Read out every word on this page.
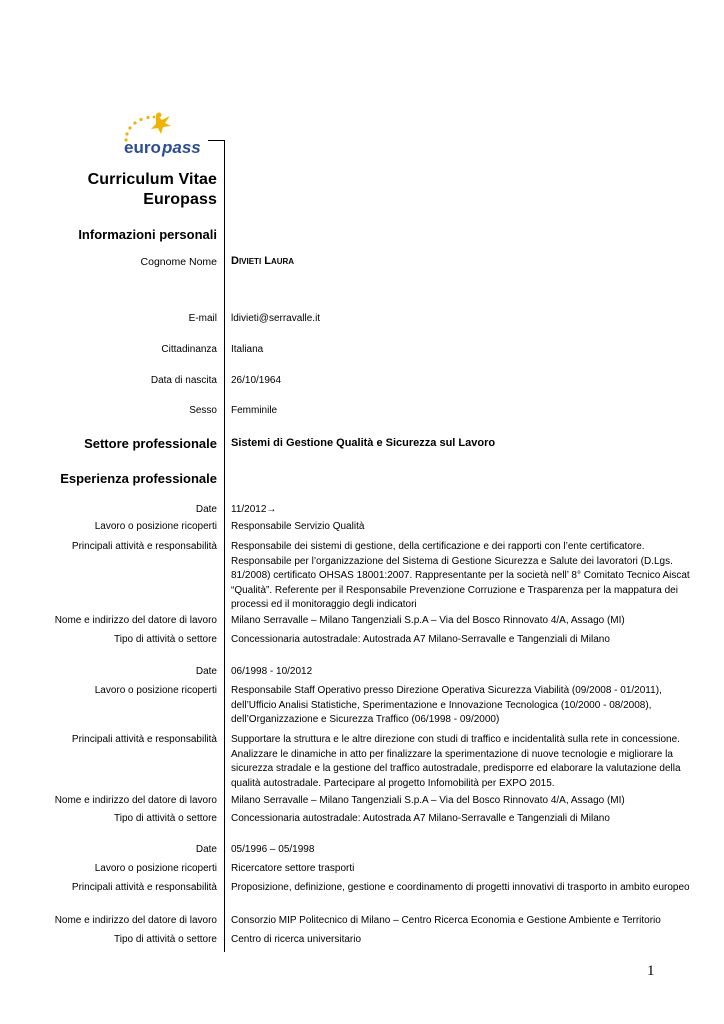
euro pass
Curriculum Vitae
Europass
Informazioni personali
Cognome Nome Divieti Laura
E-mail ldivieti@serravalle.it
Cittadinanza Italiana
Data di nascita 26/10/1964
Sesso Femminile
Settore professionale Sistemi di Gestione Qualità e Sicurezza sul Lavoro
Esperienza professionale
Date 11/2012→
Lavoro o posizione ricoperti Responsabile Servizio Qualità
Principali attività e responsabilità Responsabile dei sistemi di gestione, della certificazione e dei rapporti con l’ente certificatore. Responsabile per l’organizzazione del Sistema di Gestione Sicurezza e Salute dei lavoratori (D.Lgs. 81/2008) certificato OHSAS 18001:2007. Rappresentante per la società nell’ 8° Comitato Tecnico Aiscat “Qualità”. Referente per il Responsabile Prevenzione Corruzione e Trasparenza per la mappatura dei processi ed il monitoraggio degli indicatori
Nome e indirizzo del datore di lavoro Milano Serravalle – Milano Tangenziali S.p.A – Via del Bosco Rinnovato 4/A, Assago (MI)
Tipo di attività o settore Concessionaria autostradale: Autostrada A7 Milano-Serravalle e Tangenziali di Milano
Date 06/1998 - 10/2012
Lavoro o posizione ricoperti Responsabile Staff Operativo presso Direzione Operativa Sicurezza Viabilità (09/2008 - 01/2011), dell’Ufficio Analisi Statistiche, Sperimentazione e Innovazione Tecnologica (10/2000 - 08/2008), dell’Organizzazione e Sicurezza Traffico (06/1998 - 09/2000)
Principali attività e responsabilità Supportare la struttura e le altre direzione con studi di traffico e incidentalità sulla rete in concessione. Analizzare le dinamiche in atto per finalizzare la sperimentazione di nuove tecnologie e migliorare la sicurezza stradale e la gestione del traffico autostradale, predisporre ed elaborare la valutazione della qualità autostradale. Partecipare al progetto Infomobilità per EXPO 2015.
Nome e indirizzo del datore di lavoro Milano Serravalle – Milano Tangenziali S.p.A – Via del Bosco Rinnovato 4/A, Assago (MI)
Tipo di attività o settore Concessionaria autostradale: Autostrada A7 Milano-Serravalle e Tangenziali di Milano
Date 05/1996 – 05/1998
Lavoro o posizione ricoperti Ricercatore settore trasporti
Principali attività e responsabilità Proposizione, definizione, gestione e coordinamento di progetti innovativi di trasporto in ambito europeo
Nome e indirizzo del datore di lavoro Consorzio MIP Politecnico di Milano – Centro Ricerca Economia e Gestione Ambiente e Territorio
Tipo di attività o settore Centro di ricerca universitario
1
